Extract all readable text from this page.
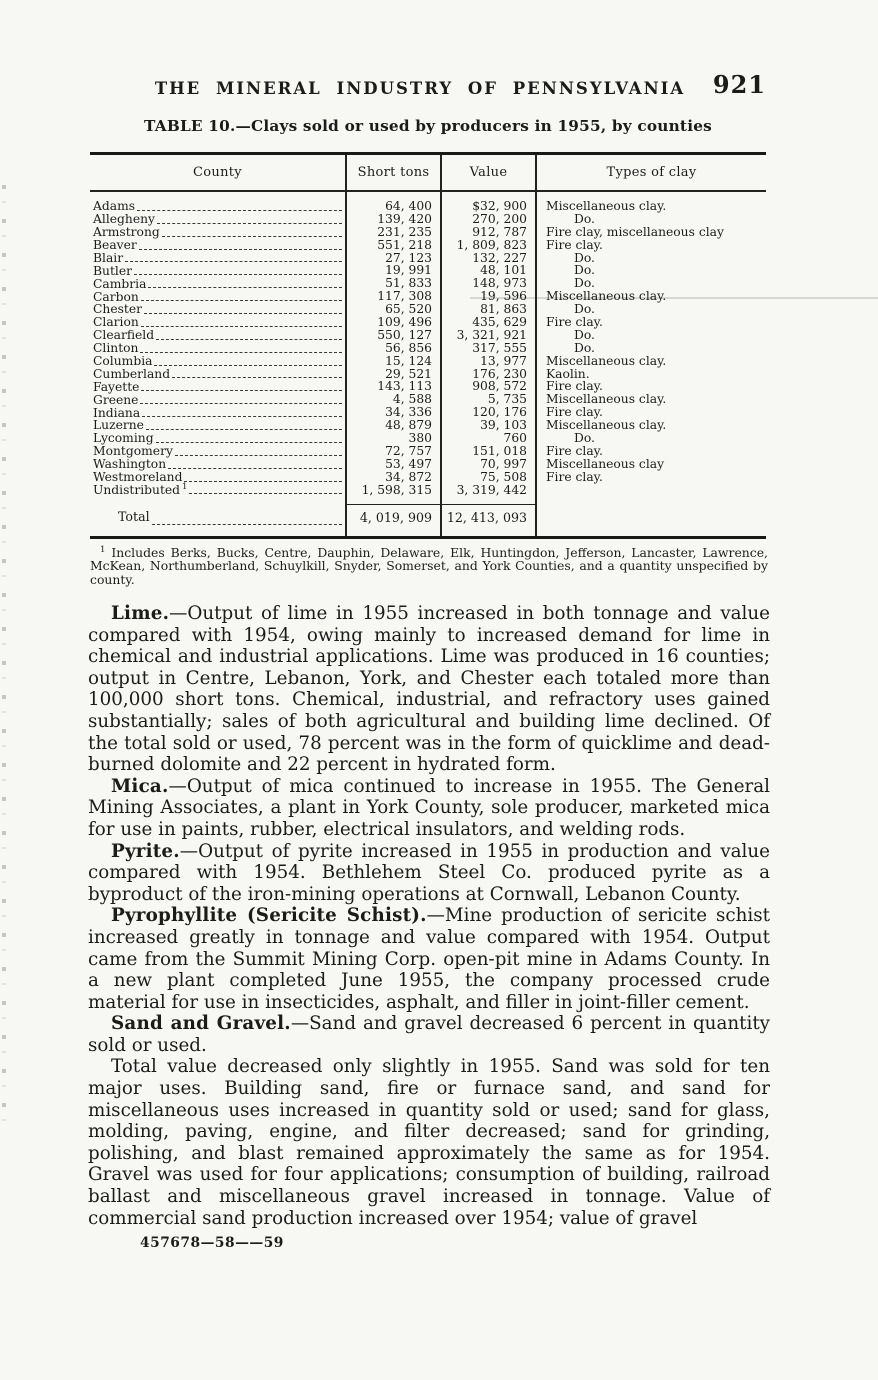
THE MINERAL INDUSTRY OF PENNSYLVANIA	921
TABLE 10.—Clays sold or used by producers in 1955, by counties
County	Short tons	Value	Types of clay
Adams	64, 400	$32, 900	Miscellaneous clay.
Allegheny	139, 420	270, 200	Do.
Armstrong	231, 235	912, 787	Fire clay, miscellaneous clay
Beaver	551, 218	1, 809, 823	Fire clay.
Blair	27, 123	132, 227	Do.
Butler	19, 991	48, 101	Do.
Cambria	51, 833	148, 973	Do.
Carbon	117, 308	19, 596	Miscellaneous clay.
Chester	65, 520	81, 863	Do.
Clarion	109, 496	435, 629	Fire clay.
Clearfield	550, 127	3, 321, 921	Do.
Clinton	56, 856	317, 555	Do.
Columbia	15, 124	13, 977	Miscellaneous clay.
Cumberland	29, 521	176, 230	Kaolin.
Fayette	143, 113	908, 572	Fire clay.
Greene	4, 588	5, 735	Miscellaneous clay.
Indiana	34, 336	120, 176	Fire clay.
Luzerne	48, 879	39, 103	Miscellaneous clay.
Lycoming	380	760	Do.
Montgomery	72, 757	151, 018	Fire clay.
Washington	53, 497	70, 997	Miscellaneous clay
Westmoreland	34, 872	75, 508	Fire clay.
Undistributed $^1$	1, 598, 315	3, 319, 442
Total	4, 019, 909	12, 413, 093

$^1$ Includes Berks, Bucks, Centre, Dauphin, Delaware, Elk, Huntingdon, Jefferson, Lancaster, Lawrence, McKean, Northumberland, Schuylkill, Snyder, Somerset, and York Counties, and a quantity unspecified by county.

Lime.—Output of lime in 1955 increased in both tonnage and value compared with 1954, owing mainly to increased demand for lime in chemical and industrial applications. Lime was produced in 16 counties; output in Centre, Lebanon, York, and Chester each totaled more than 100,000 short tons. Chemical, industrial, and refractory uses gained substantially; sales of both agricultural and building lime declined. Of the total sold or used, 78 percent was in the form of quicklime and dead-burned dolomite and 22 percent in hydrated form.

Mica.—Output of mica continued to increase in 1955. The General Mining Associates, a plant in York County, sole producer, marketed mica for use in paints, rubber, electrical insulators, and welding rods.

Pyrite.—Output of pyrite increased in 1955 in production and value compared with 1954. Bethlehem Steel Co. produced pyrite as a byproduct of the iron-mining operations at Cornwall, Lebanon County.

Pyrophyllite (Sericite Schist).—Mine production of sericite schist increased greatly in tonnage and value compared with 1954. Output came from the Summit Mining Corp. open-pit mine in Adams County. In a new plant completed June 1955, the company processed crude material for use in insecticides, asphalt, and filler in joint-filler cement.

Sand and Gravel.—Sand and gravel decreased 6 percent in quantity sold or used.

Total value decreased only slightly in 1955. Sand was sold for ten major uses. Building sand, fire or furnace sand, and sand for miscellaneous uses increased in quantity sold or used; sand for glass, molding, paving, engine, and filter decreased; sand for grinding, polishing, and blast remained approximately the same as for 1954. Gravel was used for four applications; consumption of building, railroad ballast and miscellaneous gravel increased in tonnage. Value of commercial sand production increased over 1954; value of gravel

457678—58——59
